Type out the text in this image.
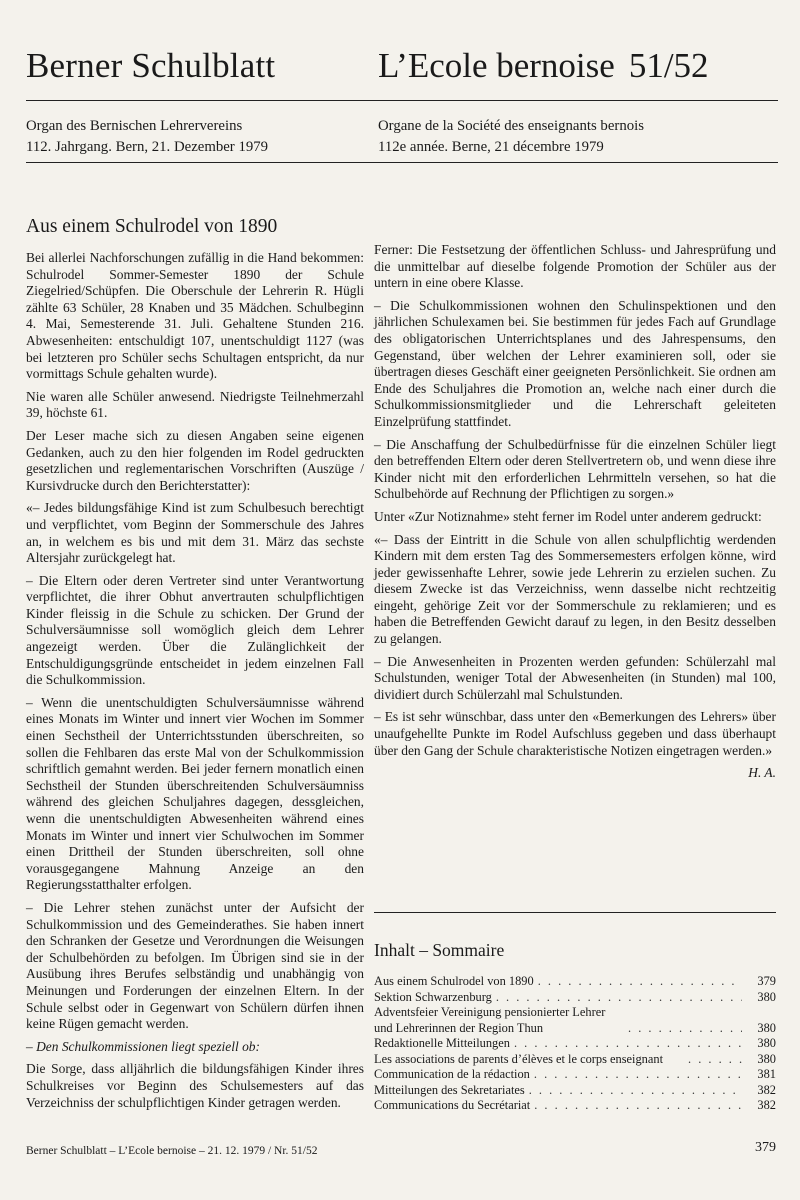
Berner Schulblatt	L’Ecole bernoise 51/52
Organ des Bernischen Lehrervereins
112. Jahrgang. Bern, 21. Dezember 1979
Organe de la Société des enseignants bernois
112e année. Berne, 21 décembre 1979
Aus einem Schulrodel von 1890

Bei allerlei Nachforschungen zufällig in die Hand bekommen: Schulrodel Sommer-Semester 1890 der Schule Ziegelried/Schüpfen. Die Oberschule der Lehrerin R. Hügli zählte 63 Schüler, 28 Knaben und 35 Mädchen. Schulbeginn 4. Mai, Semesterende 31. Juli. Gehaltene Stunden 216. Abwesenheiten: entschuldigt 107, unentschuldigt 1127 (was bei letzteren pro Schüler sechs Schultagen entspricht, da nur vormittags Schule gehalten wurde).

Nie waren alle Schüler anwesend. Niedrigste Teilnehmerzahl 39, höchste 61.

Der Leser mache sich zu diesen Angaben seine eigenen Gedanken, auch zu den hier folgenden im Rodel gedruckten gesetzlichen und reglementarischen Vorschriften (Auszüge / Kursivdrucke durch den Berichterstatter):

«– Jedes bildungsfähige Kind ist zum Schulbesuch berechtigt und verpflichtet, vom Beginn der Sommerschule des Jahres an, in welchem es bis und mit dem 31. März das sechste Altersjahr zurückgelegt hat.

– Die Eltern oder deren Vertreter sind unter Verantwortung verpflichtet, die ihrer Obhut anvertrauten schulpflichtigen Kinder fleissig in die Schule zu schicken. Der Grund der Schulversäumnisse soll womöglich gleich dem Lehrer angezeigt werden. Über die Zulänglichkeit der Entschuldigungsgründe entscheidet in jedem einzelnen Fall die Schulkommission.

– Wenn die unentschuldigten Schulversäumnisse während eines Monats im Winter und innert vier Wochen im Sommer einen Sechstheil der Unterrichtsstunden überschreiten, so sollen die Fehlbaren das erste Mal von der Schulkommission schriftlich gemahnt werden. Bei jeder fernern monatlich einen Sechstheil der Stunden überschreitenden Schulversäumniss während des gleichen Schuljahres dagegen, dessgleichen, wenn die unentschuldigten Abwesenheiten während eines Monats im Winter und innert vier Schulwochen im Sommer einen Drittheil der Stunden überschreiten, soll ohne vorausgegangene Mahnung Anzeige an den Regierungsstatthalter erfolgen.

– Die Lehrer stehen zunächst unter der Aufsicht der Schulkommission und des Gemeinderathes. Sie haben innert den Schranken der Gesetze und Verordnungen die Weisungen der Schulbehörden zu befolgen. Im Übrigen sind sie in der Ausübung ihres Berufes selbständig und unabhängig von Meinungen und Forderungen der einzelnen Eltern. In der Schule selbst oder in Gegenwart von Schülern dürfen ihnen keine Rügen gemacht werden.

– Den Schulkommissionen liegt speziell ob:

Die Sorge, dass alljährlich die bildungsfähigen Kinder ihres Schulkreises vor Beginn des Schulsemesters auf das Verzeichniss der schulpflichtigen Kinder getragen werden.

Ferner: Die Festsetzung der öffentlichen Schluss- und Jahresprüfung und die unmittelbar auf dieselbe folgende Promotion der Schüler aus der untern in eine obere Klasse.

– Die Schulkommissionen wohnen den Schulinspektionen und den jährlichen Schulexamen bei. Sie bestimmen für jedes Fach auf Grundlage des obligatorischen Unterrichtsplanes und des Jahrespensums, den Gegenstand, über welchen der Lehrer examinieren soll, oder sie übertragen dieses Geschäft einer geeigneten Persönlichkeit. Sie ordnen am Ende des Schuljahres die Promotion an, welche nach einer durch die Schulkommissionsmitglieder und die Lehrerschaft geleiteten Einzelprüfung stattfindet.

– Die Anschaffung der Schulbedürfnisse für die einzelnen Schüler liegt den betreffenden Eltern oder deren Stellvertretern ob, und wenn diese ihre Kinder nicht mit den erforderlichen Lehrmitteln versehen, so hat die Schulbehörde auf Rechnung der Pflichtigen zu sorgen.»

Unter «Zur Notiznahme» steht ferner im Rodel unter anderem gedruckt:

«– Dass der Eintritt in die Schule von allen schulpflichtig werdenden Kindern mit dem ersten Tag des Sommersemesters erfolgen könne, wird jeder gewissenhafte Lehrer, sowie jede Lehrerin zu erzielen suchen. Zu diesem Zwecke ist das Verzeichniss, wenn dasselbe nicht rechtzeitig eingeht, gehörige Zeit vor der Sommerschule zu reklamieren; und es haben die Betreffenden Gewicht darauf zu legen, in den Besitz desselben zu gelangen.

– Die Anwesenheiten in Prozenten werden gefunden: Schülerzahl mal Schulstunden, weniger Total der Abwesenheiten (in Stunden) mal 100, dividiert durch Schülerzahl mal Schulstunden.

– Es ist sehr wünschbar, dass unter den «Bemerkungen des Lehrers» über unaufgehellte Punkte im Rodel Aufschluss gegeben und dass überhaupt über den Gang der Schule charakteristische Notizen eingetragen werden.»

H. A.
Inhalt – Sommaire
Aus einem Schulrodel von 1890 . . .	379
Sektion Schwarzenburg . . .	380
Adventsfeier Vereinigung pensionierter Lehrer und Lehrerinnen der Region Thun . . .	380
Redaktionelle Mitteilungen . . .	380
Les associations de parents d’élèves et le corps enseignant . . .	380
Communication de la rédaction . . .	381
Mitteilungen des Sekretariates . . .	382
Communications du Secrétariat . . .	382
Berner Schulblatt – L’Ecole bernoise – 21. 12. 1979 / Nr. 51/52	379
